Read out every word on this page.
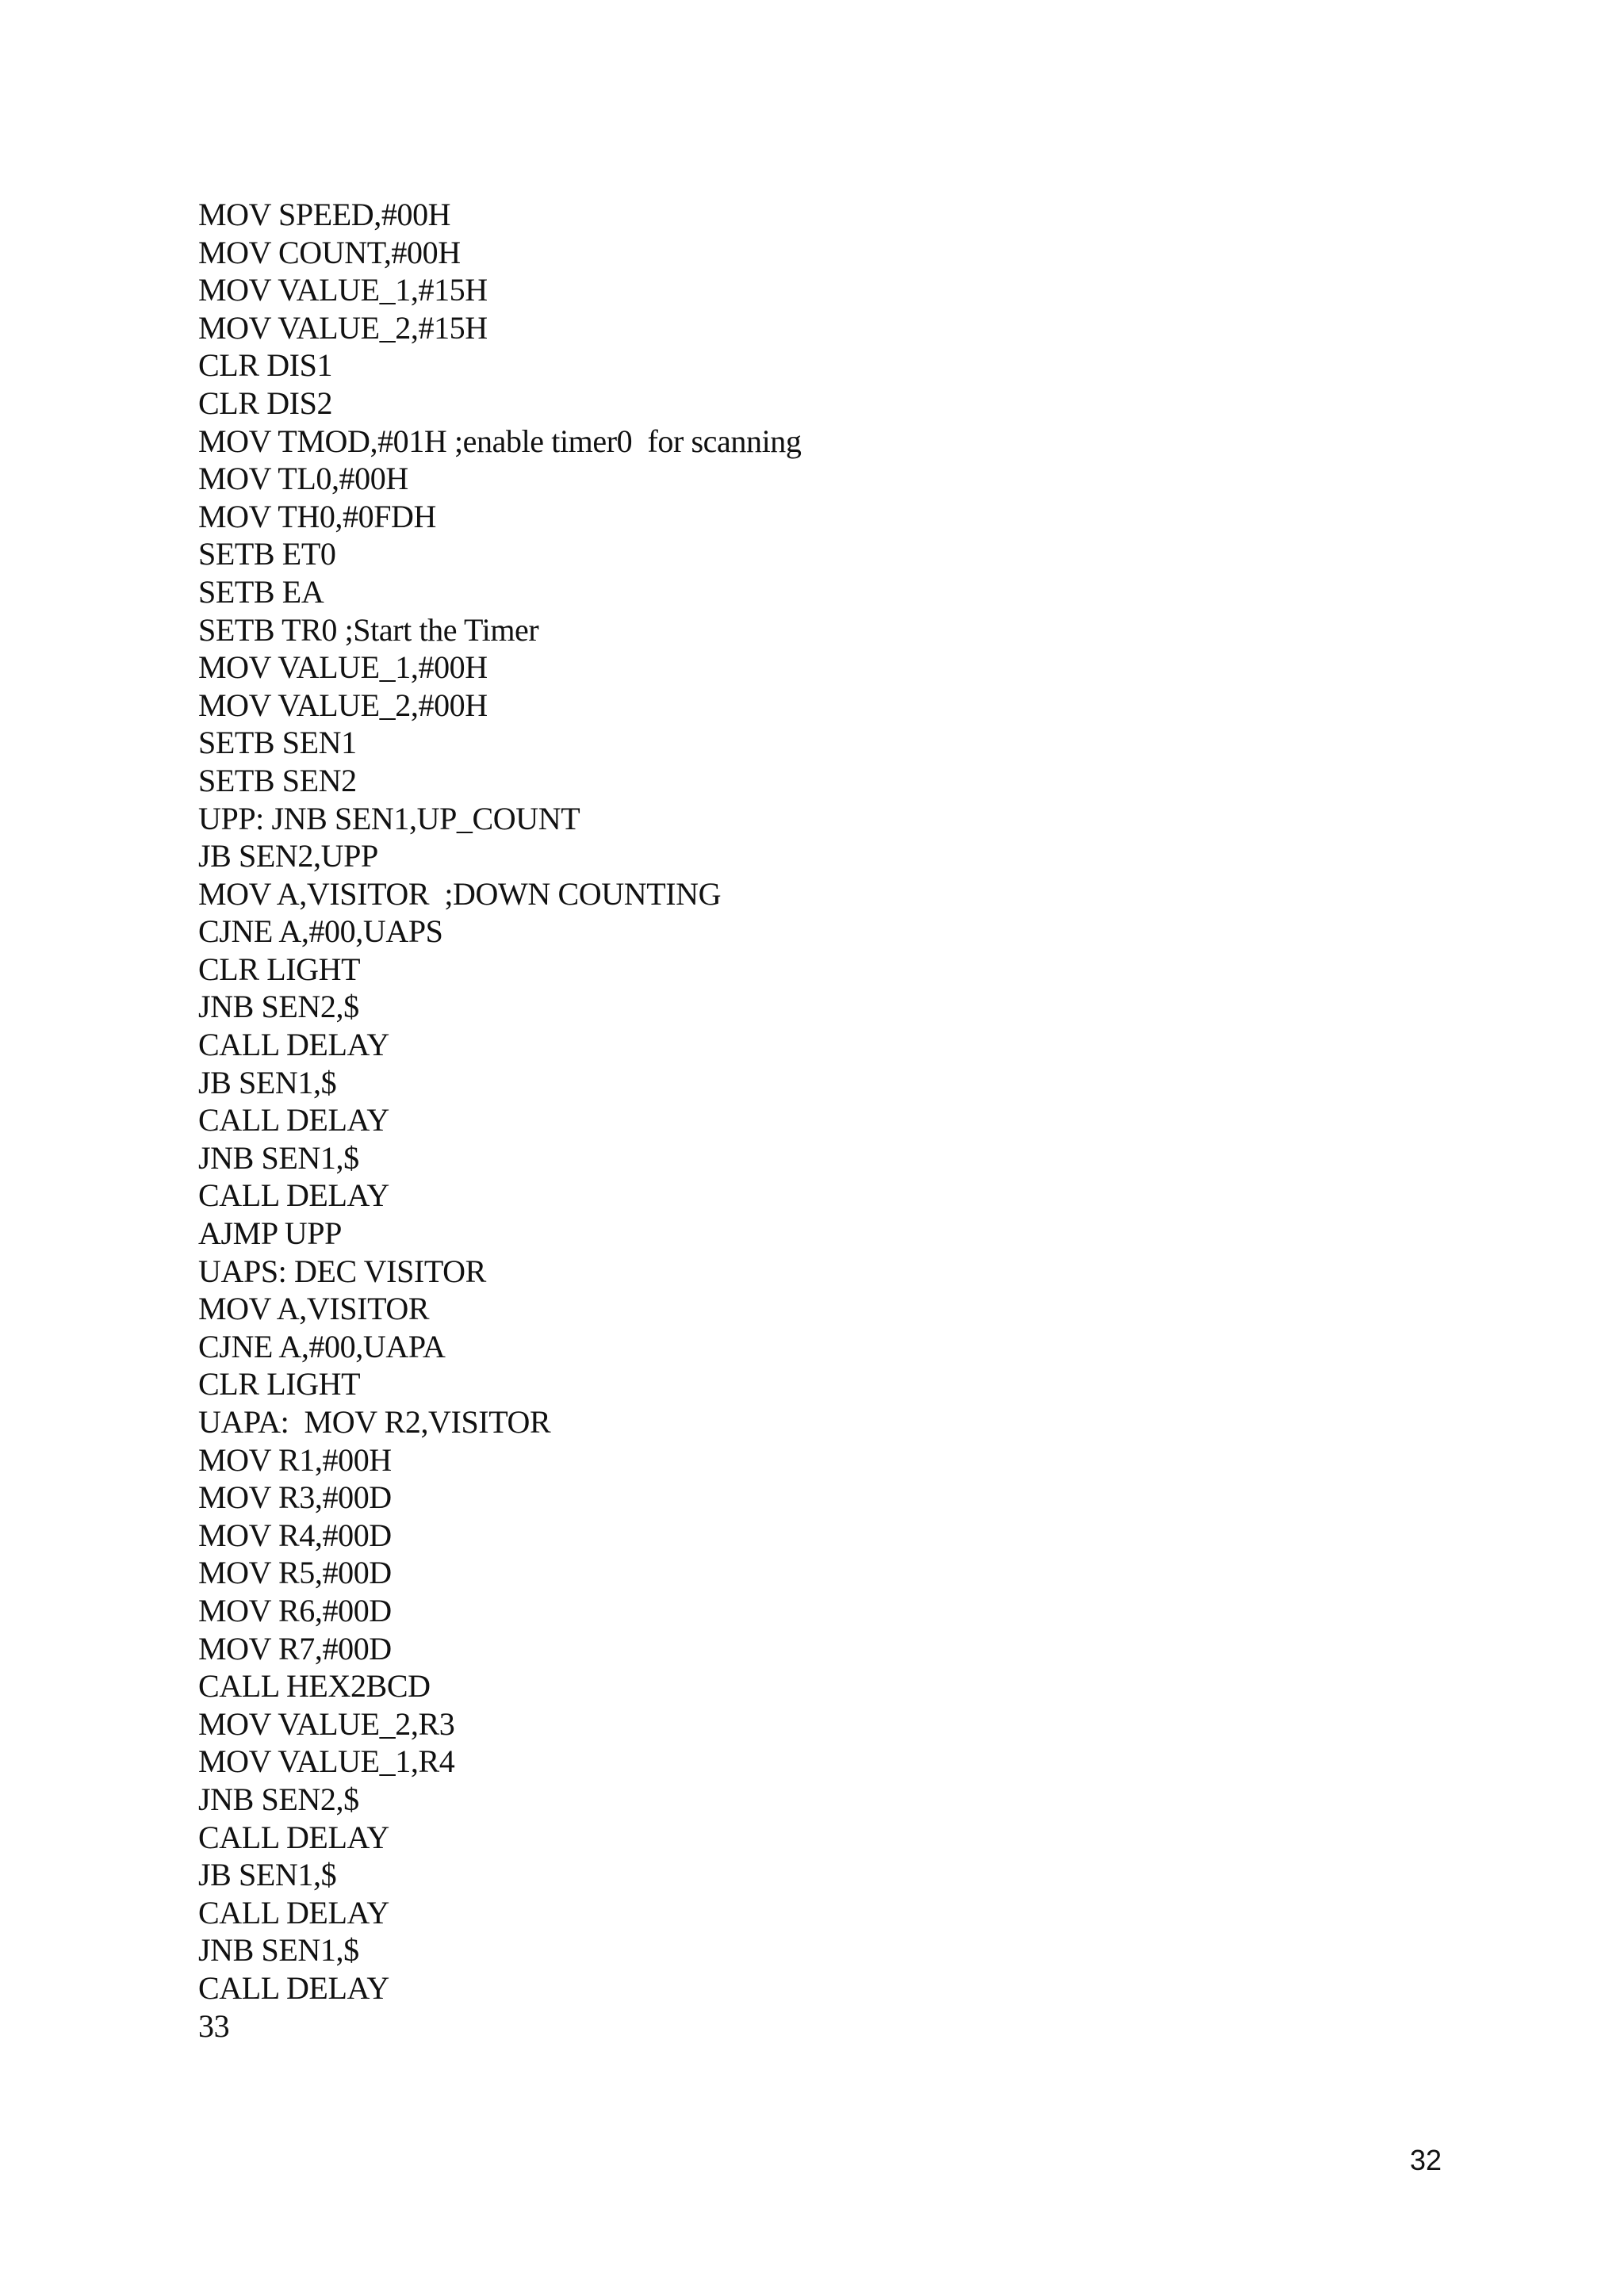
MOV SPEED,#00H
MOV COUNT,#00H
MOV VALUE_1,#15H
MOV VALUE_2,#15H
CLR DIS1
CLR DIS2
MOV TMOD,#01H ;enable timer0  for scanning
MOV TL0,#00H
MOV TH0,#0FDH
SETB ET0
SETB EA
SETB TR0 ;Start the Timer
MOV VALUE_1,#00H
MOV VALUE_2,#00H
SETB SEN1
SETB SEN2
UPP: JNB SEN1,UP_COUNT
JB SEN2,UPP
MOV A,VISITOR  ;DOWN COUNTING
CJNE A,#00,UAPS
CLR LIGHT
JNB SEN2,$
CALL DELAY
JB SEN1,$
CALL DELAY
JNB SEN1,$
CALL DELAY
AJMP UPP
UAPS: DEC VISITOR
MOV A,VISITOR
CJNE A,#00,UAPA
CLR LIGHT
UAPA:  MOV R2,VISITOR
MOV R1,#00H
MOV R3,#00D
MOV R4,#00D
MOV R5,#00D
MOV R6,#00D
MOV R7,#00D
CALL HEX2BCD
MOV VALUE_2,R3
MOV VALUE_1,R4
JNB SEN2,$
CALL DELAY
JB SEN1,$
CALL DELAY
JNB SEN1,$
CALL DELAY
33
32
